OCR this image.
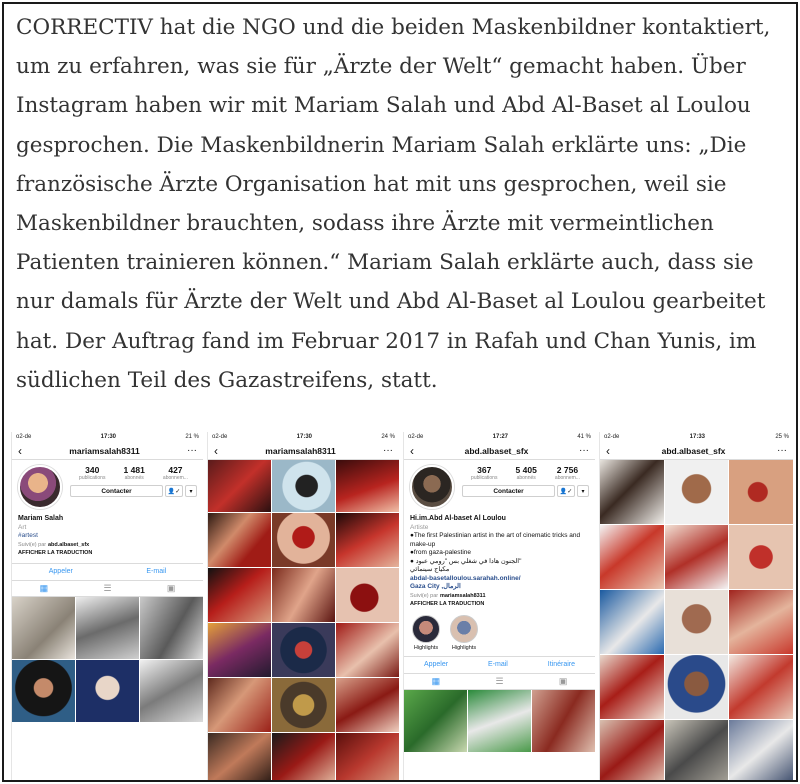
CORRECTIV hat die NGO und die beiden Maskenbildner kontaktiert, um zu erfahren, was sie für „Ärzte der Welt“ gemacht haben. Über Instagram haben wir mit Mariam Salah und Abd Al-Baset al Loulou gesprochen. Die Maskenbildnerin Mariam Salah erklärte uns: „Die französische Ärzte Organisation hat mit uns gesprochen, weil sie Maskenbildner brauchten, sodass ihre Ärzte mit vermeintlichen Patienten trainieren können.“ Mariam Salah erklärte auch, dass sie nur damals für Ärzte der Welt und Abd Al-Baset al Loulou gearbeitet hat. Der Auftrag fand im Februar 2017 in Rafah und Chan Yunis, im südlichen Teil des Gazastreifens, statt.

o2-de	17:30	21 %
‹	mariamsalah8311	···
340
publications
1 481
abonnés
427
abonnem...
Contacter	👤✓	▾
Mariam Salah
Art
#artest
Suivi(e) par abd.albaset_sfx
AFFICHER LA TRADUCTION
Appeler	E-mail
▦	☰	▣
o2-de	17:30	24 %
‹	mariamsalah8311	···
o2-de	17:27	41 %
‹	abd.albaset_sfx	···
367
publications
5 405
abonnés
2 756
abonnem...
Contacter	👤✓	▾
Hi.im.Abd Al-baset Al Loulou
Artiste
●The first Palestinian artist in the art of cinematic tricks and make-up
●from gaza-palestine
● الجنون هادا في شغلي بس "رومي عبود"
مكياج سينمائي
abdal-basetalloulou.sarahah.online/
Gaza City ,الرمال
Suivi(e) par mariamsalah8311
AFFICHER LA TRADUCTION
Highlights	Highlights
Appeler	E-mail	Itinéraire
▦	☰	▣
o2-de	17:33	25 %
‹	abd.albaset_sfx	···
